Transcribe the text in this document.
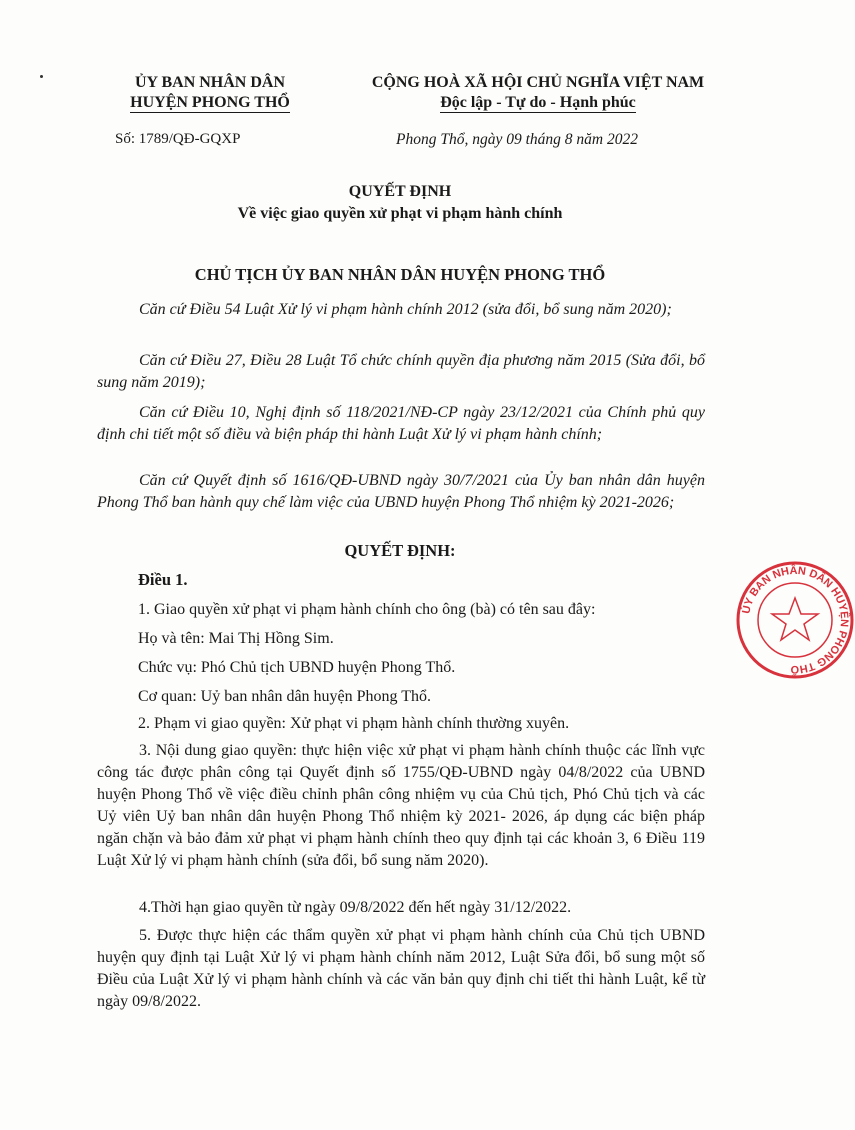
ỦY BAN NHÂN DÂN
HUYỆN PHONG THỔ
Số: 1789/QĐ-GQXP
CỘNG HOÀ XÃ HỘI CHỦ NGHĨA VIỆT NAM
Độc lập - Tự do - Hạnh phúc
Phong Thổ, ngày 09 tháng 8 năm 2022
QUYẾT ĐỊNH
Về việc giao quyền xử phạt vi phạm hành chính
CHỦ TỊCH ỦY BAN NHÂN DÂN HUYỆN PHONG THỔ
Căn cứ Điều 54 Luật Xử lý vi phạm hành chính 2012 (sửa đổi, bổ sung năm 2020);
Căn cứ Điều 27, Điều 28 Luật Tổ chức chính quyền địa phương năm 2015 (Sửa đổi, bổ sung năm 2019);
Căn cứ Điều 10, Nghị định số 118/2021/NĐ-CP ngày 23/12/2021 của Chính phủ quy định chi tiết một số điều và biện pháp thi hành Luật Xử lý vi phạm hành chính;
Căn cứ Quyết định số 1616/QĐ-UBND ngày 30/7/2021 của Ủy ban nhân dân huyện Phong Thổ ban hành quy chế làm việc của UBND huyện Phong Thổ nhiệm kỳ 2021-2026;
QUYẾT ĐỊNH:
Điều 1.
1. Giao quyền xử phạt vi phạm hành chính cho ông (bà) có tên sau đây:
Họ và tên: Mai Thị Hồng Sim.
Chức vụ: Phó Chủ tịch UBND huyện Phong Thổ.
Cơ quan: Uỷ ban nhân dân huyện Phong Thổ.
2. Phạm vi giao quyền: Xử phạt vi phạm hành chính thường xuyên.
3. Nội dung giao quyền: thực hiện việc xử phạt vi phạm hành chính thuộc các lĩnh vực công tác được phân công tại Quyết định số 1755/QĐ-UBND ngày 04/8/2022 của UBND huyện Phong Thổ về việc điều chỉnh phân công nhiệm vụ của Chủ tịch, Phó Chủ tịch và các Uỷ viên Uỷ ban nhân dân huyện Phong Thổ nhiệm kỳ 2021- 2026, áp dụng các biện pháp ngăn chặn và bảo đảm xử phạt vi phạm hành chính theo quy định tại các khoản 3, 6 Điều 119 Luật Xử lý vi phạm hành chính (sửa đổi, bổ sung năm 2020).
4.Thời hạn giao quyền từ ngày 09/8/2022 đến hết ngày 31/12/2022.
5. Được thực hiện các thẩm quyền xử phạt vi phạm hành chính của Chủ tịch UBND huyện quy định tại Luật Xử lý vi phạm hành chính năm 2012, Luật Sửa đổi, bổ sung một số Điều của Luật Xử lý vi phạm hành chính và các văn bản quy định chi tiết thi hành Luật, kể từ ngày 09/8/2022.
ỦY BAN NHÂN DÂN HUYỆN PHONG THỔ
